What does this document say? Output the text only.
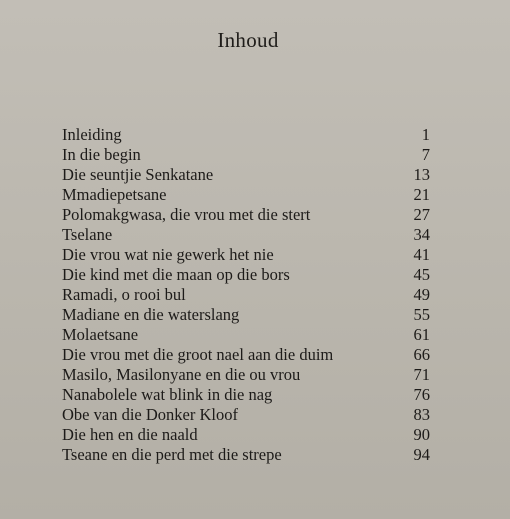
Inhoud
Inleiding	1
In die begin	7
Die seuntjie Senkatane	13
Mmadiepetsane	21
Polomakgwasa, die vrou met die stert	27
Tselane	34
Die vrou wat nie gewerk het nie	41
Die kind met die maan op die bors	45
Ramadi, o rooi bul	49
Madiane en die waterslang	55
Molaetsane	61
Die vrou met die groot nael aan die duim	66
Masilo, Masilonyane en die ou vrou	71
Nanabolele wat blink in die nag	76
Obe van die Donker Kloof	83
Die hen en die naald	90
Tseane en die perd met die strepe	94
